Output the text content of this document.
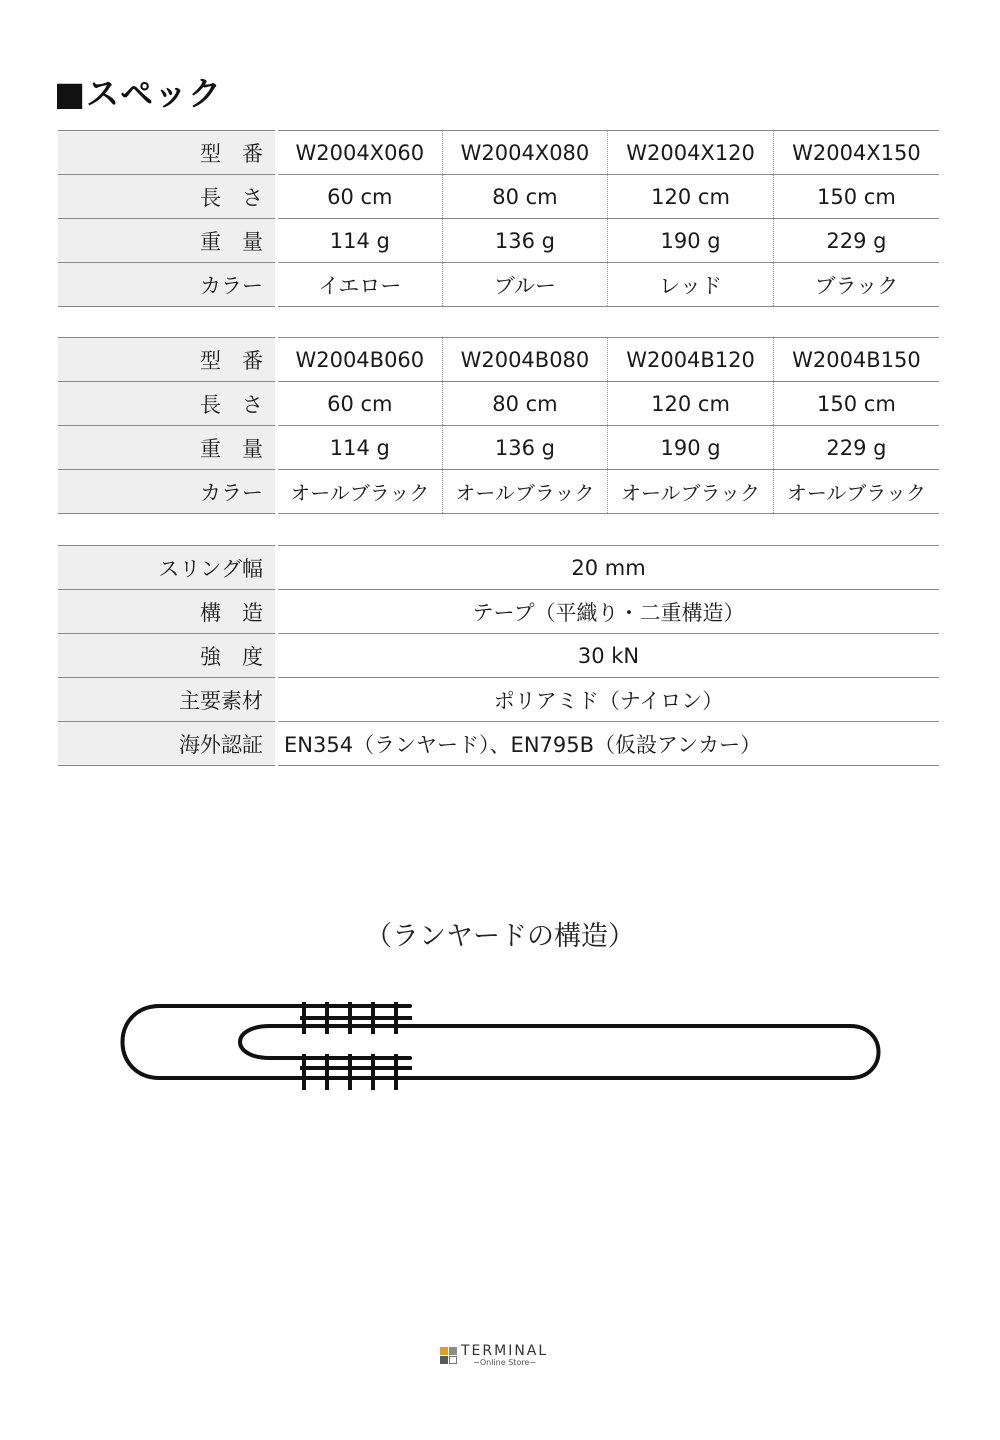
■スペック
型　番	W2004X060	W2004X080	W2004X120	W2004X150
長　さ	60 cm	80 cm	120 cm	150 cm
重　量	114 g	136 g	190 g	229 g
カラー	イエロー	ブルー	レッド	ブラック
型　番	W2004B060	W2004B080	W2004B120	W2004B150
長　さ	60 cm	80 cm	120 cm	150 cm
重　量	114 g	136 g	190 g	229 g
カラー	オールブラック	オールブラック	オールブラック	オールブラック
スリング幅	20 mm
構　造	テープ（平織り・二重構造）
強　度	30 kN
主要素材	ポリアミド（ナイロン）
海外認証	EN354（ランヤード）、EN795B（仮設アンカー）
（ランヤードの構造）
TERMINAL
−Online Store−
